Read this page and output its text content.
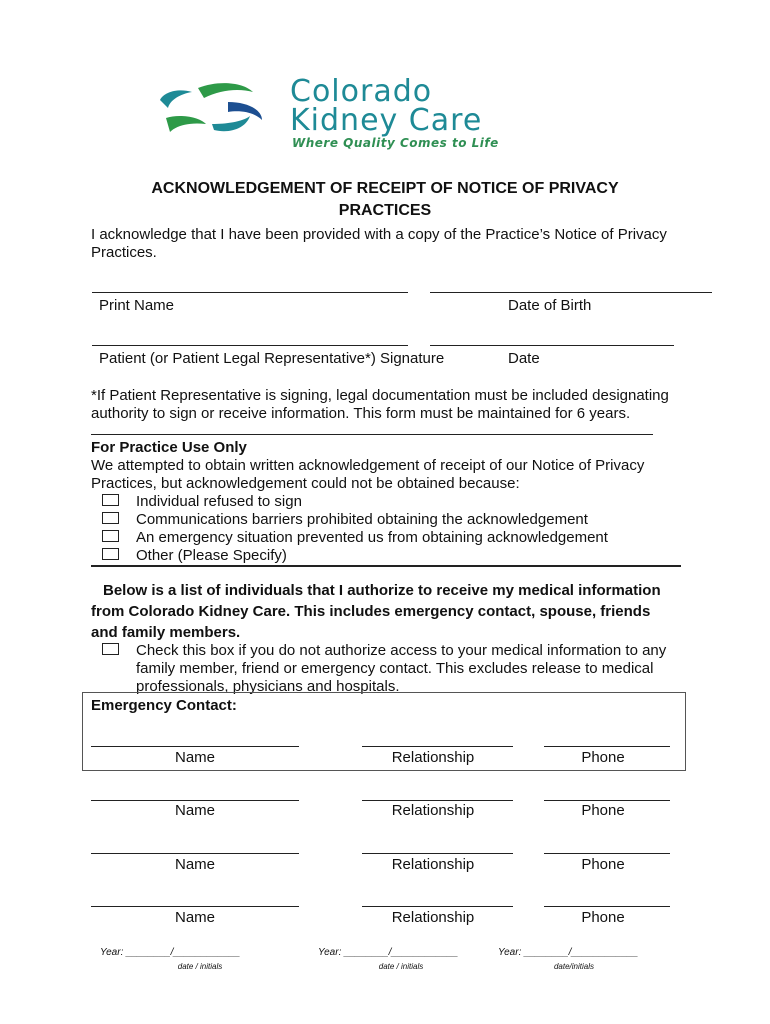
Colorado
Kidney Care
Where Quality Comes to Life
ACKNOWLEDGEMENT OF RECEIPT OF NOTICE OF PRIVACY
PRACTICES
I acknowledge that I have been provided with a copy of the Practice’s Notice of Privacy
Practices.
Print Name	Date of Birth
Patient (or Patient Legal Representative*) Signature	Date
*If Patient Representative is signing, legal documentation must be included designating
authority to sign or receive information. This form must be maintained for 6 years.
For Practice Use Only
We attempted to obtain written acknowledgement of receipt of our Notice of Privacy
Practices, but acknowledgement could not be obtained because:
Individual refused to sign
Communications barriers prohibited obtaining the acknowledgement
An emergency situation prevented us from obtaining acknowledgement
Other (Please Specify)
Below is a list of individuals that I authorize to receive my medical information
from Colorado Kidney Care. This includes emergency contact, spouse, friends
and family members.
Check this box if you do not authorize access to your medical information to any
family member, friend or emergency contact. This excludes release to medical
professionals, physicians and hospitals.
Emergency Contact:
Name	Relationship	Phone
Name	Relationship	Phone
Name	Relationship	Phone
Name	Relationship	Phone
Year: ________/____________
date / initials
Year: ________/____________
date / initials
Year: ________/____________
date/initials
